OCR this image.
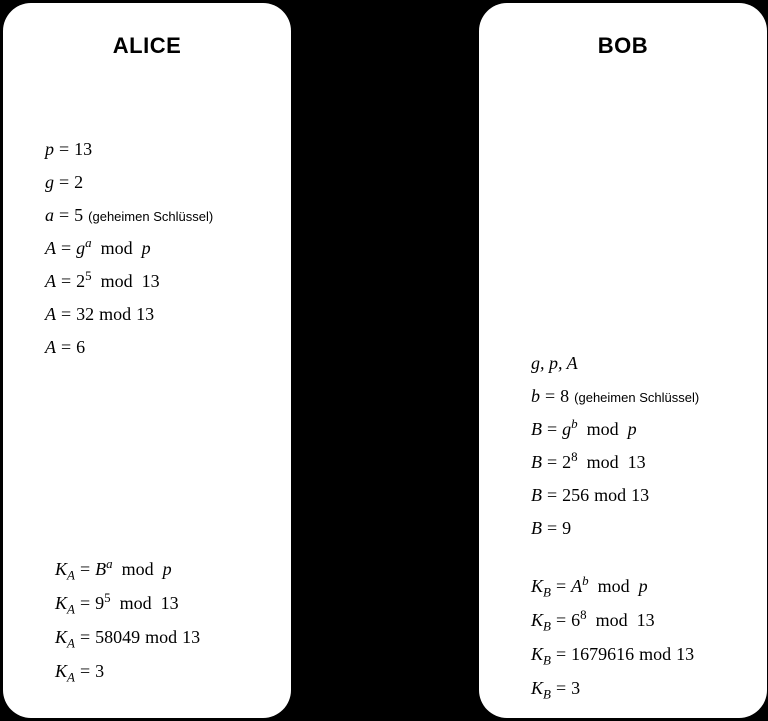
ALICE
p = 13
g = 2
a = 5 (geheimen Schlüssel)
$A = g^a$ mod p
$A = 2^5$ mod 13
A = 32 mod 13
A = 6
$K_A = B^a$ mod p
$K_A = 9^5$ mod 13
$K_A = 58049$ mod 13
$K_A = 3$
BOB
g, p, A
b = 8 (geheimen Schlüssel)
$B = g^b$ mod p
$B = 2^8$ mod 13
B = 256 mod 13
B = 9
$K_B = A^b$ mod p
$K_B = 6^8$ mod 13
$K_B = 1679616$ mod 13
$K_B = 3$
